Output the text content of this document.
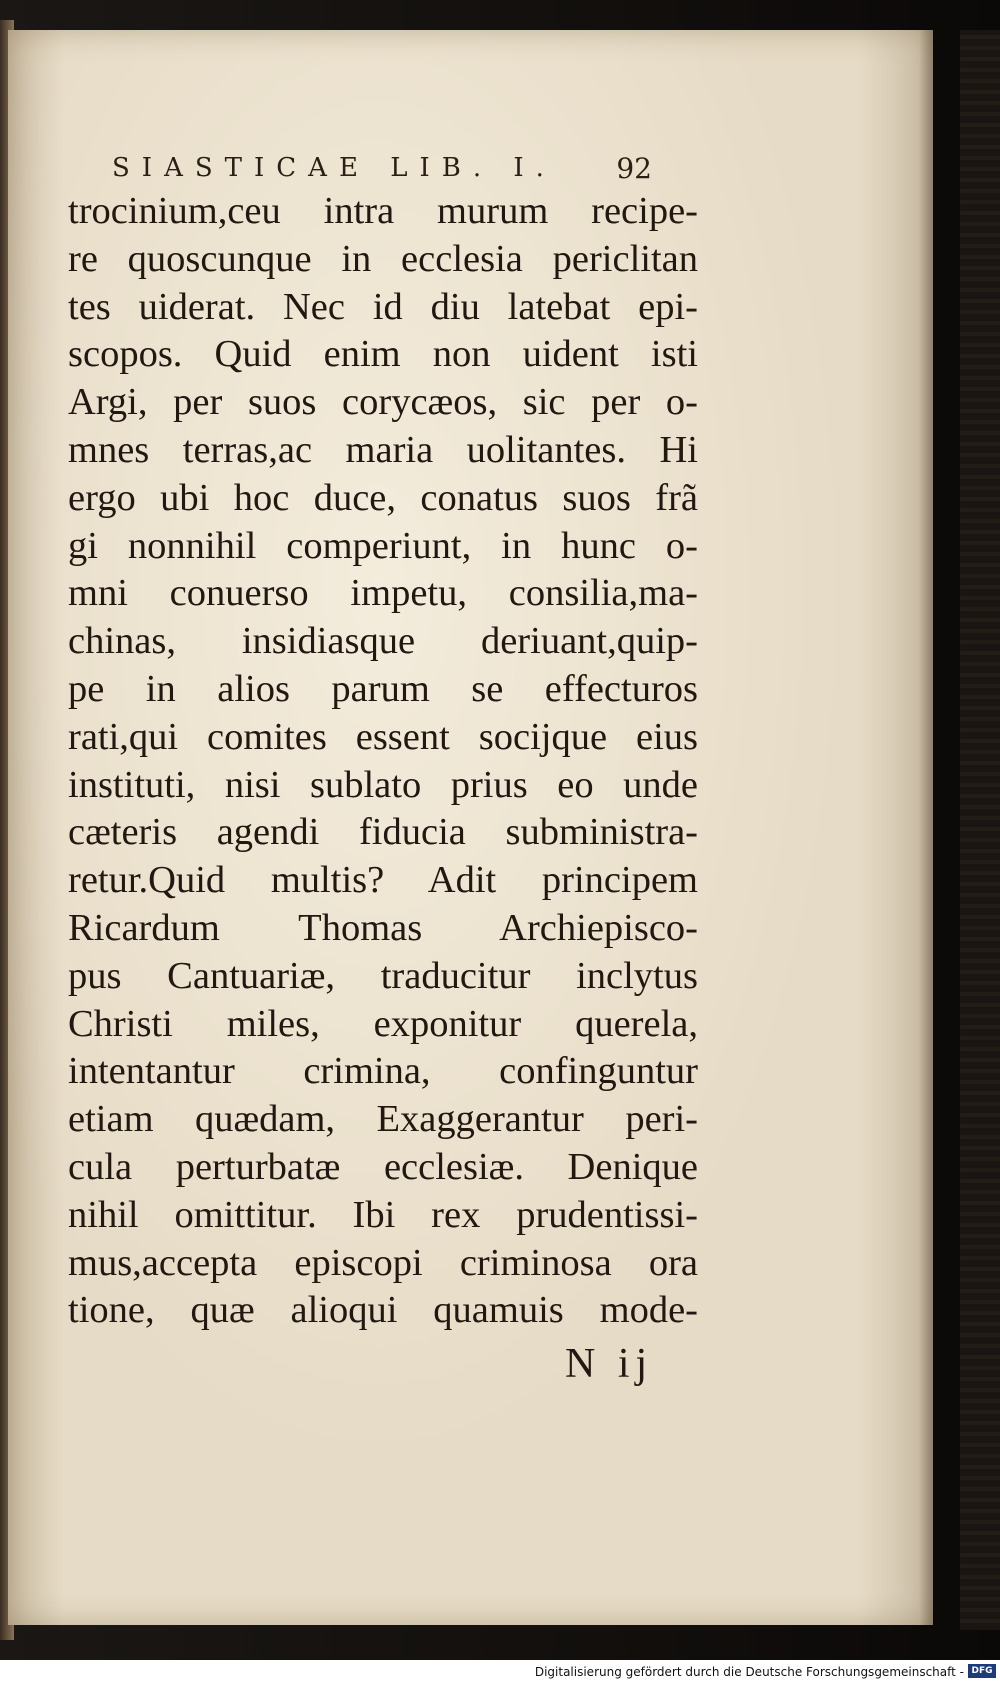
SIASTICAE LIB. I. 92
trocinium,ceu intra murum recipe-
re quoscunque in ecclesia periclitan
tes uiderat. Nec id diu latebat epi-
scopos. Quid enim non uident isti
Argi, per suos corycæos, sic per o-
mnes terras,ac maria uolitantes. Hi
ergo ubi hoc duce, conatus suos frã
gi nonnihil comperiunt, in hunc o-
mni conuerso impetu, consilia,ma-
chinas, insidiasque deriuant,quip-
pe in alios parum se effecturos
rati,qui comites essent socijque eius
instituti, nisi sublato prius eo unde
cæteris agendi fiducia subministra-
retur.Quid multis? Adit principem
Ricardum Thomas Archiepisco-
pus Cantuariæ, traducitur inclytus
Christi miles, exponitur querela,
intentantur crimina, confinguntur
etiam quædam, Exaggerantur peri-
cula perturbatæ ecclesiæ. Denique
nihil omittitur. Ibi rex prudentissi-
mus,accepta episcopi criminosa ora
tione, quæ alioqui quamuis mode-
N ij
Digitalisierung gefördert durch die Deutsche Forschungsgemeinschaft - DFG
